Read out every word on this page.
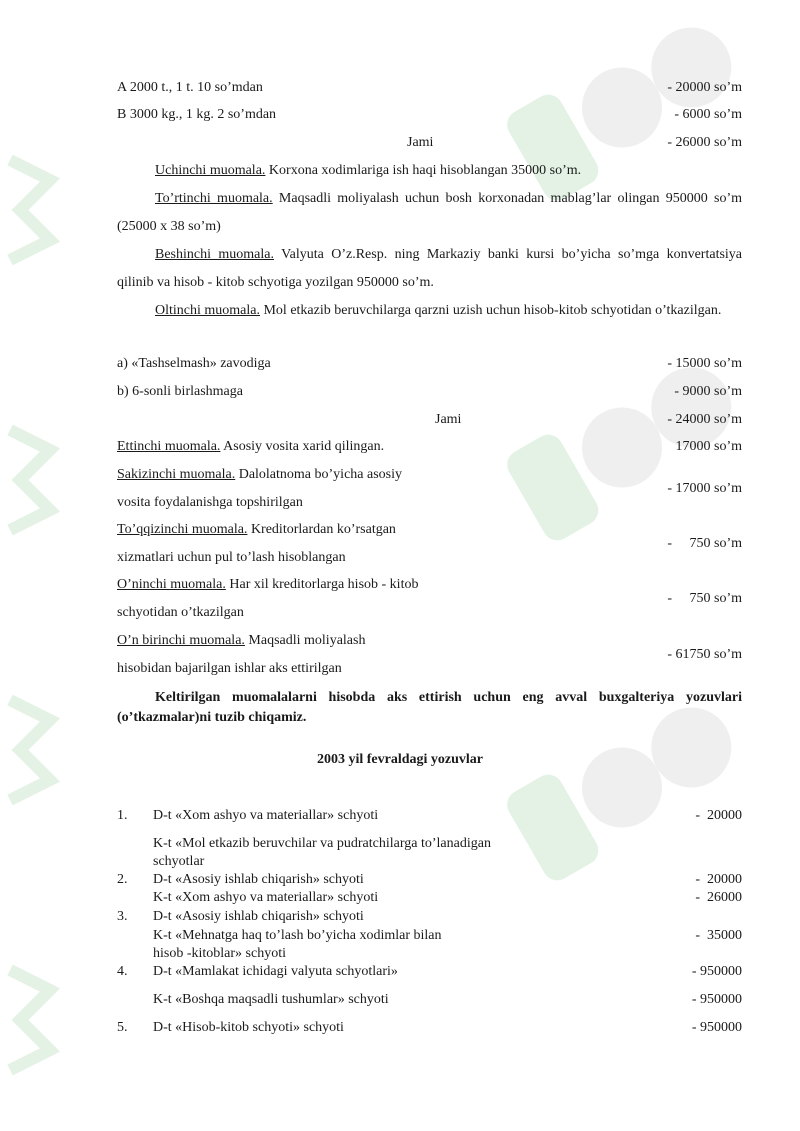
A 2000 t., 1 t. 10 so’mdan	- 20000 so’m
B 3000 kg., 1 kg. 2 so’mdan	- 6000 so’m
Jami	- 26000 so’m
Uchinchi muomala. Korxona xodimlariga ish haqi hisoblangan 35000 so’m.
To’rtinchi muomala. Maqsadli moliyalash uchun bosh korxonadan mablag’lar olingan 950000 so’m (25000 x 38 so’m)
Beshinchi muomala. Valyuta O’z.Resp. ning Markaziy banki kursi bo’yicha so’mga konvertatsiya qilinib va hisob - kitob schyotiga yozilgan 950000 so’m.
Oltinchi muomala. Mol etkazib beruvchilarga qarzni uzish uchun hisob-kitob schyotidan o’tkazilgan.
a) «Tashselmash» zavodiga	- 15000 so’m
b) 6-sonli birlashmaga	- 9000 so’m
Jami	- 24000 so’m
Ettinchi muomala. Asosiy vosita xarid qilingan.	17000 so’m
Sakizinchi muomala. Dalolatnoma bo’yicha asosiy
vosita foydalanishga topshirilgan
- 17000 so’m
To’qqizinchi muomala. Kreditorlardan ko’rsatgan
xizmatlari uchun pul to’lash hisoblangan
-     750 so’m
O’ninchi muomala. Har xil kreditorlarga hisob - kitob
schyotidan o’tkazilgan
-     750 so’m
O’n birinchi muomala. Maqsadli moliyalash
hisobidan bajarilgan ishlar aks ettirilgan
- 61750 so’m
Keltirilgan muomalalarni hisobda aks ettirish uchun eng avval buxgalteriya yozuvlari (o’tkazmalar)ni tuzib chiqamiz.
2003 yil fevraldagi yozuvlar
1. D-t «Xom ashyo va materiallar» schyoti	-  20000
K-t «Mol etkazib beruvchilar va pudratchilarga to’lanadigan
schyotlar
2. D-t «Asosiy ishlab chiqarish» schyoti	-  20000
K-t «Xom ashyo va materiallar» schyoti	-  26000
3. D-t «Asosiy ishlab chiqarish» schyoti
K-t «Mehnatga haq to’lash bo’yicha xodimlar bilan	-  35000
hisob -kitoblar» schyoti
4. D-t «Mamlakat ichidagi valyuta schyotlari»	- 950000
K-t «Boshqa maqsadli tushumlar» schyoti	- 950000
5. D-t «Hisob-kitob schyoti» schyoti	- 950000
